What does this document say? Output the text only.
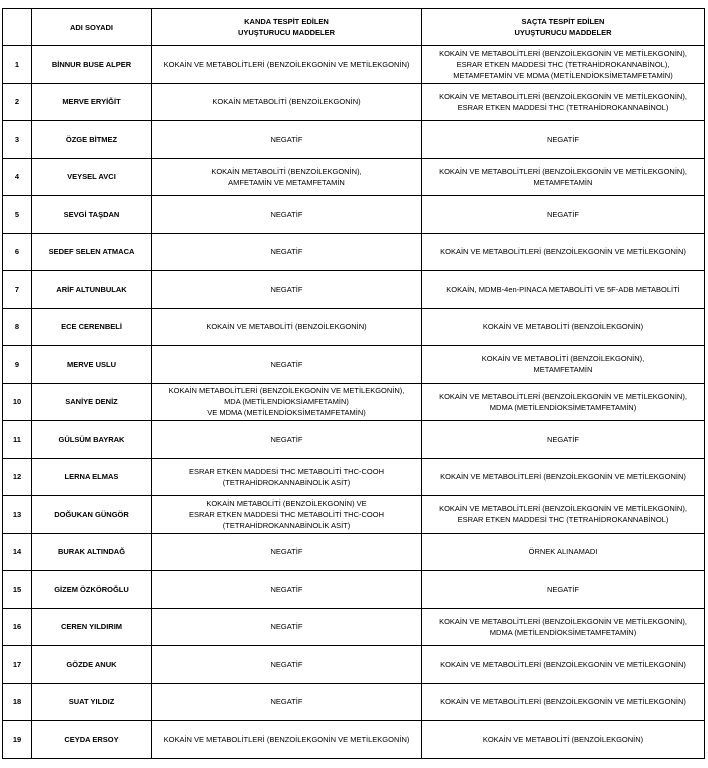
	ADI SOYADI	KANDA TESPİT EDİLEN
UYUŞTURUCU MADDELER	SAÇTA TESPİT EDİLEN
UYUŞTURUCU MADDELER

1	BİNNUR BUSE ALPER	KOKAİN VE METABOLİTLERİ (BENZOİLEKGONİN VE METİLEKGONİN)	KOKAİN VE METABOLİTLERİ (BENZOİLEKGONİN VE METİLEKGONİN),
ESRAR ETKEN MADDESİ THC (TETRAHİDROKANNABİNOL),
METAMFETAMİN VE MDMA (METİLENDİOKSİMETAMFETAMİN)

2	MERVE ERYİĞİT	KOKAİN METABOLİTİ (BENZOİLEKGONİN)	KOKAİN VE METABOLİTLERİ (BENZOİLEKGONİN VE METİLEKGONİN),
ESRAR ETKEN MADDESİ THC (TETRAHİDROKANNABİNOL)

3	ÖZGE BİTMEZ	NEGATİF	NEGATİF

4	VEYSEL AVCI	KOKAİN METABOLİTİ (BENZOİLEKGONİN),
AMFETAMİN VE METAMFETAMİN	KOKAİN VE METABOLİTLERİ (BENZOİLEKGONİN VE METİLEKGONİN),
METAMFETAMİN

5	SEVGİ TAŞDAN	NEGATİF	NEGATİF

6	SEDEF SELEN ATMACA	NEGATİF	KOKAİN VE METABOLİTLERİ (BENZOİLEKGONİN VE METİLEKGONİN)

7	ARİF ALTUNBULAK	NEGATİF	KOKAİN, MDMB-4en-PINACA METABOLİTİ VE 5F-ADB METABOLİTİ

8	ECE CERENBELİ	KOKAİN VE METABOLİTİ (BENZOİLEKGONİN)	KOKAİN VE METABOLİTİ (BENZOİLEKGONİN)

9	MERVE USLU	NEGATİF	KOKAİN VE METABOLİTİ (BENZOİLEKGONİN),
METAMFETAMİN

10	SANİYE DENİZ	KOKAİN METABOLİTLERİ (BENZOİLEKGONİN VE METİLEKGONİN),
MDA (METİLENDİOKSİAMFETAMİN)
VE MDMA (METİLENDİOKSİMETAMFETAMİN)	KOKAİN VE METABOLİTLERİ (BENZOİLEKGONİN VE METİLEKGONİN),
MDMA (METİLENDİOKSİMETAMFETAMİN)

11	GÜLSÜM BAYRAK	NEGATİF	NEGATİF

12	LERNA ELMAS	ESRAR ETKEN MADDESİ THC METABOLİTİ THC-COOH
(TETRAHİDROKANNABİNOLİK ASİT)	KOKAİN VE METABOLİTLERİ (BENZOİLEKGONİN VE METİLEKGONİN)

13	DOĞUKAN GÜNGÖR	KOKAİN METABOLİTİ (BENZOİLEKGONİN) VE
ESRAR ETKEN MADDESİ THC METABOLİTİ THC-COOH
(TETRAHİDROKANNABİNOLİK ASİT)	KOKAİN VE METABOLİTLERİ (BENZOİLEKGONİN VE METİLEKGONİN),
ESRAR ETKEN MADDESİ THC (TETRAHİDROKANNABİNOL)

14	BURAK ALTINDAĞ	NEGATİF	ÖRNEK ALINAMADI

15	GİZEM ÖZKÖROĞLU	NEGATİF	NEGATİF

16	CEREN YILDIRIM	NEGATİF	KOKAİN VE METABOLİTLERİ (BENZOİLEKGONİN VE METİLEKGONİN),
MDMA (METİLENDİOKSİMETAMFETAMİN)

17	GÖZDE ANUK	NEGATİF	KOKAİN VE METABOLİTLERİ (BENZOİLEKGONİN VE METİLEKGONİN)

18	SUAT YILDIZ	NEGATİF	KOKAİN VE METABOLİTLERİ (BENZOİLEKGONİN VE METİLEKGONİN)

19	CEYDA ERSOY	KOKAİN VE METABOLİTLERİ (BENZOİLEKGONİN VE METİLEKGONİN)	KOKAİN VE METABOLİTİ (BENZOİLEKGONİN)
